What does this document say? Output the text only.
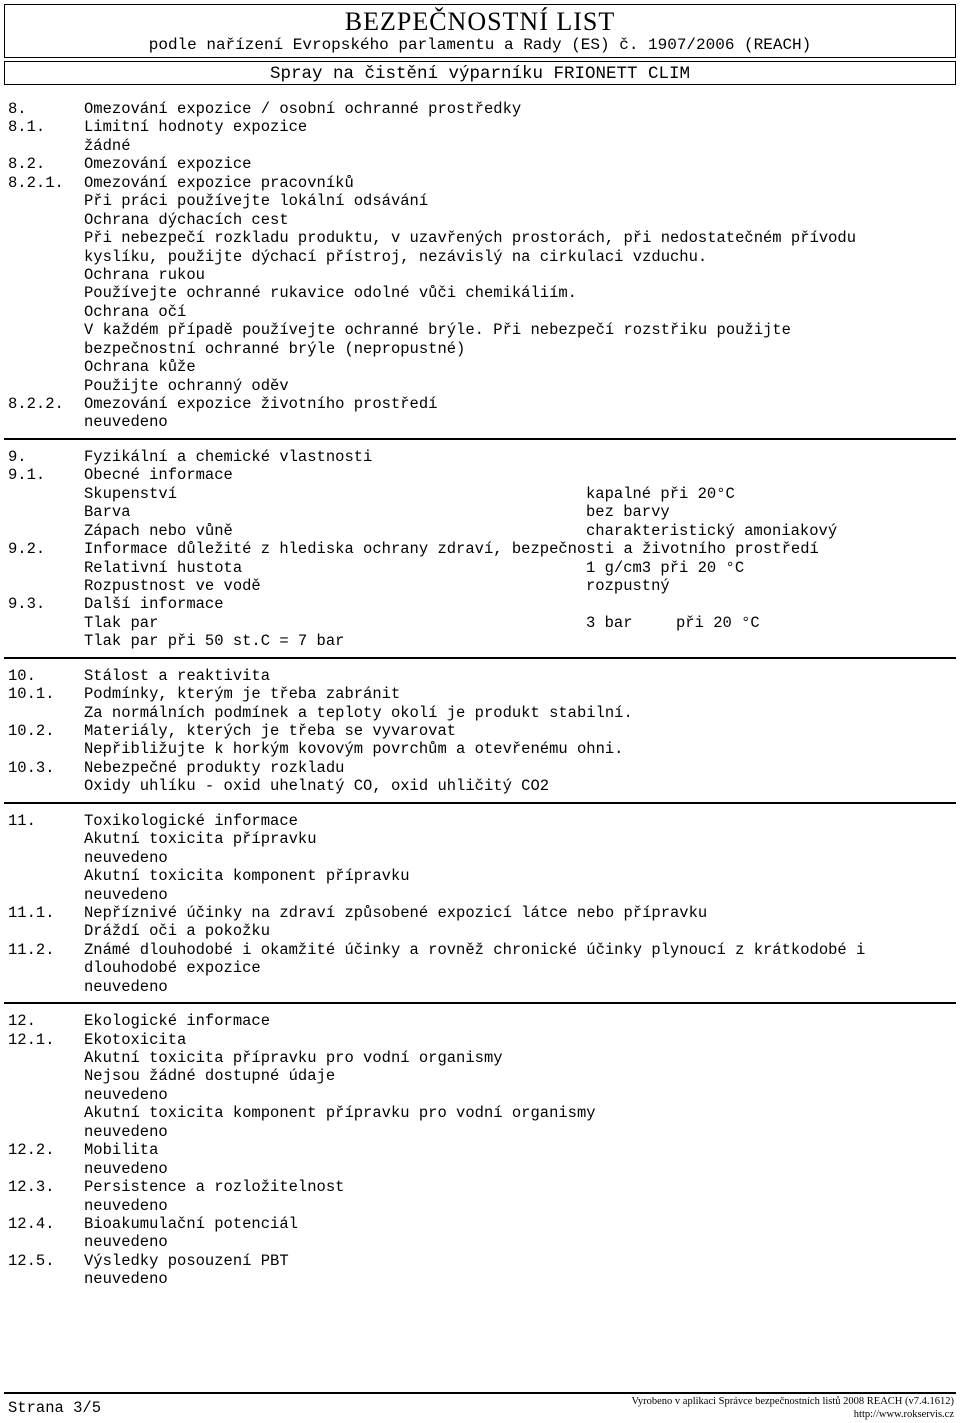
BEZPEČNOSTNÍ LIST
podle nařízení Evropského parlamentu a Rady (ES) č. 1907/2006 (REACH)
Spray na čistění výparníku FRIONETT CLIM
8.	Omezování expozice / osobní ochranné prostředky
8.1.	Limitní hodnoty expozice
žádné
8.2.	Omezování expozice
8.2.1. Omezování expozice pracovníků
Při práci používejte lokální odsávání
Ochrana dýchacích cest
Při nebezpečí rozkladu produktu, v uzavřených prostorách, při nedostatečném přívodu
kyslíku, použijte dýchací přístroj, nezávislý na cirkulaci vzduchu.
Ochrana rukou
Používejte ochranné rukavice odolné vůči chemikáliím.
Ochrana očí
V každém případě používejte ochranné brýle. Při nebezpečí rozstřiku použijte
bezpečnostní ochranné brýle (nepropustné)
Ochrana kůže
Použijte ochranný oděv
8.2.2. Omezování expozice životního prostředí
neuvedeno
9.	Fyzikální a chemické vlastnosti
9.1.	Obecné informace
Skupenství	kapalné při 20°C
Barva	bez barvy
Zápach nebo vůně	charakteristický amoniakový
9.2.	Informace důležité z hlediska ochrany zdraví, bezpečnosti a životního prostředí
Relativní hustota	1 g/cm3 při 20 °C
Rozpustnost ve vodě	rozpustný
9.3.	Další informace
Tlak par	3 bar	při 20 °C
Tlak par při 50 st.C = 7 bar
10.	Stálost a reaktivita
10.1. Podmínky, kterým je třeba zabránit
Za normálních podmínek a teploty okolí je produkt stabilní.
10.2. Materiály, kterých je třeba se vyvarovat
Nepřibližujte k horkým kovovým povrchům a otevřenému ohni.
10.3. Nebezpečné produkty rozkladu
Oxidy uhlíku - oxid uhelnatý CO, oxid uhličitý CO2
11.	Toxikologické informace
Akutní toxicita přípravku
neuvedeno
Akutní toxicita komponent přípravku
neuvedeno
11.1. Nepříznivé účinky na zdraví způsobené expozicí látce nebo přípravku
Dráždí oči a pokožku
11.2. Známé dlouhodobé i okamžité účinky a rovněž chronické účinky plynoucí z krátkodobé i
dlouhodobé expozice
neuvedeno
12.	Ekologické informace
12.1. Ekotoxicita
Akutní toxicita přípravku pro vodní organismy
Nejsou žádné dostupné údaje
neuvedeno
Akutní toxicita komponent přípravku pro vodní organismy
neuvedeno
12.2. Mobilita
neuvedeno
12.3. Persistence a rozložitelnost
neuvedeno
12.4. Bioakumulační potenciál
neuvedeno
12.5. Výsledky posouzení PBT
neuvedeno
Strana 3/5	Vyrobeno v aplikaci Správce bezpečnostních listů 2008 REACH (v7.4.1612)
http://www.rokservis.cz
